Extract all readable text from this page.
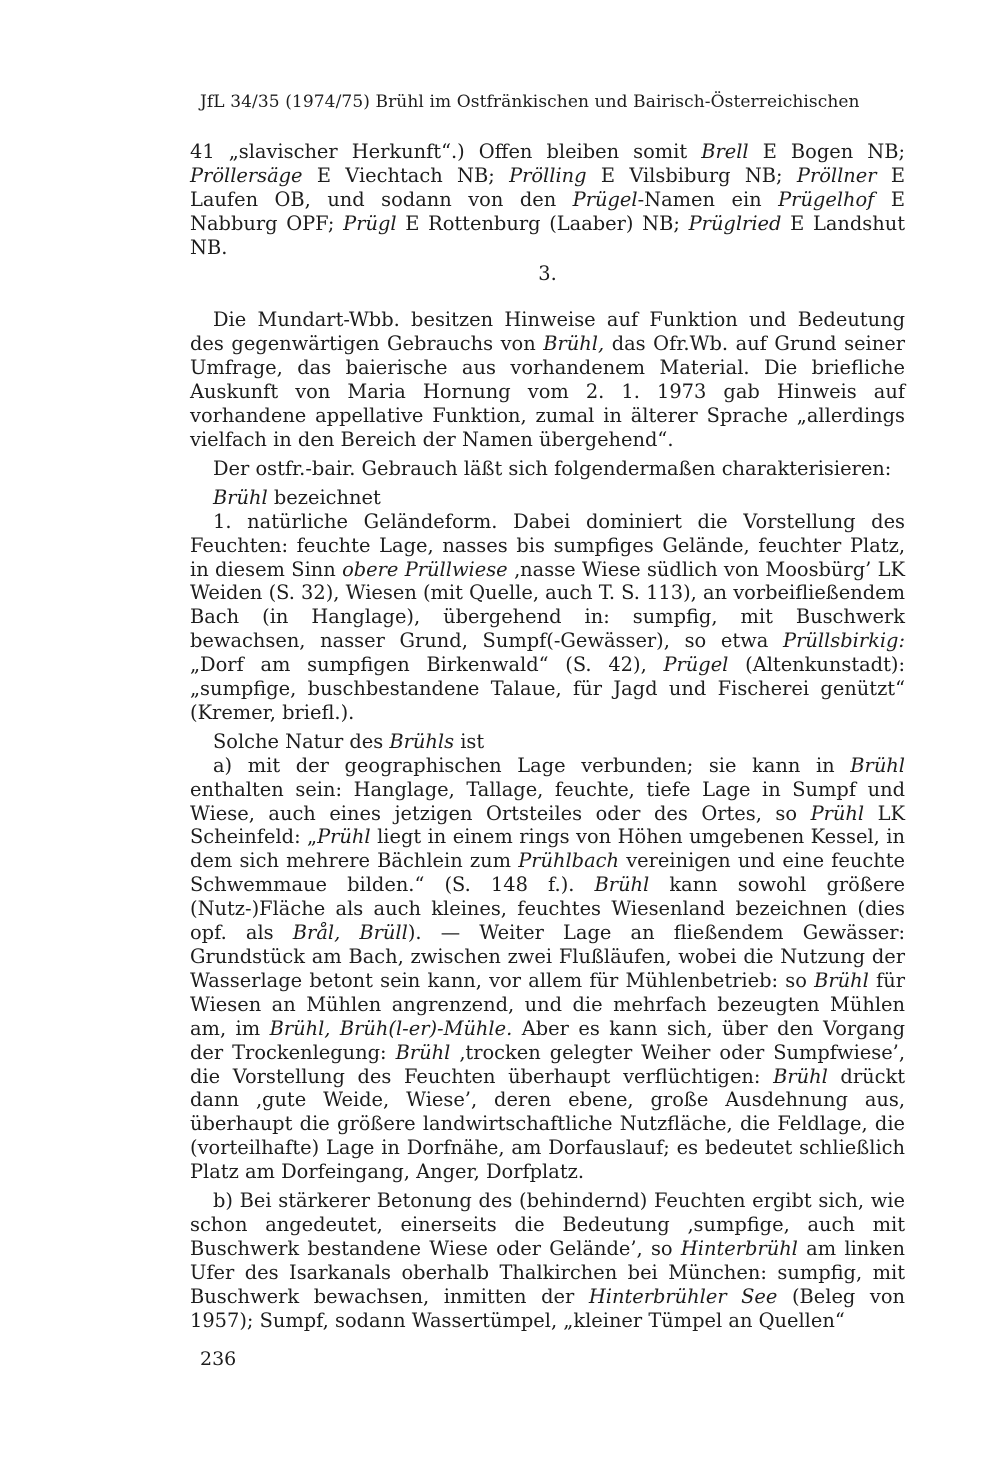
JfL 34/35 (1974/75) Brühl im Ostfränkischen und Bairisch-Österreichischen

41 „slavischer Herkunft“.) Offen bleiben somit Brell E Bogen NB; Pröllersäge E Viechtach NB; Prölling E Vilsbiburg NB; Pröllner E Laufen OB, und sodann von den Prügel-Namen ein Prügelhof E Nabburg OPF; Prügl E Rottenburg (Laaber) NB; Prüglried E Landshut NB.

3.

Die Mundart-Wbb. besitzen Hinweise auf Funktion und Bedeutung des gegenwärtigen Gebrauchs von Brühl, das Ofr.Wb. auf Grund seiner Umfrage, das baierische aus vorhandenem Material. Die briefliche Auskunft von Maria Hornung vom 2. 1. 1973 gab Hinweis auf vorhandene appellative Funktion, zumal in älterer Sprache „allerdings vielfach in den Bereich der Namen übergehend“.

Der ostfr.-bair. Gebrauch läßt sich folgendermaßen charakterisieren:

Brühl bezeichnet

1. natürliche Geländeform. Dabei dominiert die Vorstellung des Feuchten: feuchte Lage, nasses bis sumpfiges Gelände, feuchter Platz, in diesem Sinn obere Prüllwiese ‚nasse Wiese südlich von Moosbürg’ LK Weiden (S. 32), Wiesen (mit Quelle, auch T. S. 113), an vorbeifließendem Bach (in Hanglage), übergehend in: sumpfig, mit Buschwerk bewachsen, nasser Grund, Sumpf(-Gewässer), so etwa Prüllsbirkig: „Dorf am sumpfigen Birkenwald“ (S. 42), Prügel (Altenkunstadt): „sumpfige, buschbestandene Talaue, für Jagd und Fischerei genützt“ (Kremer, briefl.).

Solche Natur des Brühls ist

a) mit der geographischen Lage verbunden; sie kann in Brühl enthalten sein: Hanglage, Tallage, feuchte, tiefe Lage in Sumpf und Wiese, auch eines jetzigen Ortsteiles oder des Ortes, so Prühl LK Scheinfeld: „Prühl liegt in einem rings von Höhen umgebenen Kessel, in dem sich mehrere Bächlein zum Prühlbach vereinigen und eine feuchte Schwemmaue bilden.“ (S. 148 f.). Brühl kann sowohl größere (Nutz-)Fläche als auch kleines, feuchtes Wiesenland bezeichnen (dies opf. als Brål, Brüll). — Weiter Lage an fließendem Gewässer: Grundstück am Bach, zwischen zwei Flußläufen, wobei die Nutzung der Wasserlage betont sein kann, vor allem für Mühlenbetrieb: so Brühl für Wiesen an Mühlen angrenzend, und die mehrfach bezeugten Mühlen am, im Brühl, Brüh(l-er)-Mühle. Aber es kann sich, über den Vorgang der Trockenlegung: Brühl ‚trocken gelegter Weiher oder Sumpfwiese’, die Vorstellung des Feuchten überhaupt verflüchtigen: Brühl drückt dann ‚gute Weide, Wiese’, deren ebene, große Ausdehnung aus, überhaupt die größere landwirtschaftliche Nutzfläche, die Feldlage, die (vorteilhafte) Lage in Dorfnähe, am Dorfauslauf; es bedeutet schließlich Platz am Dorfeingang, Anger, Dorfplatz.

b) Bei stärkerer Betonung des (behindernd) Feuchten ergibt sich, wie schon angedeutet, einerseits die Bedeutung ‚sumpfige, auch mit Buschwerk bestandene Wiese oder Gelände’, so Hinterbrühl am linken Ufer des Isarkanals oberhalb Thalkirchen bei München: sumpfig, mit Buschwerk bewachsen, inmitten der Hinterbrühler See (Beleg von 1957); Sumpf, sodann Wassertümpel, „kleiner Tümpel an Quellen“

236
